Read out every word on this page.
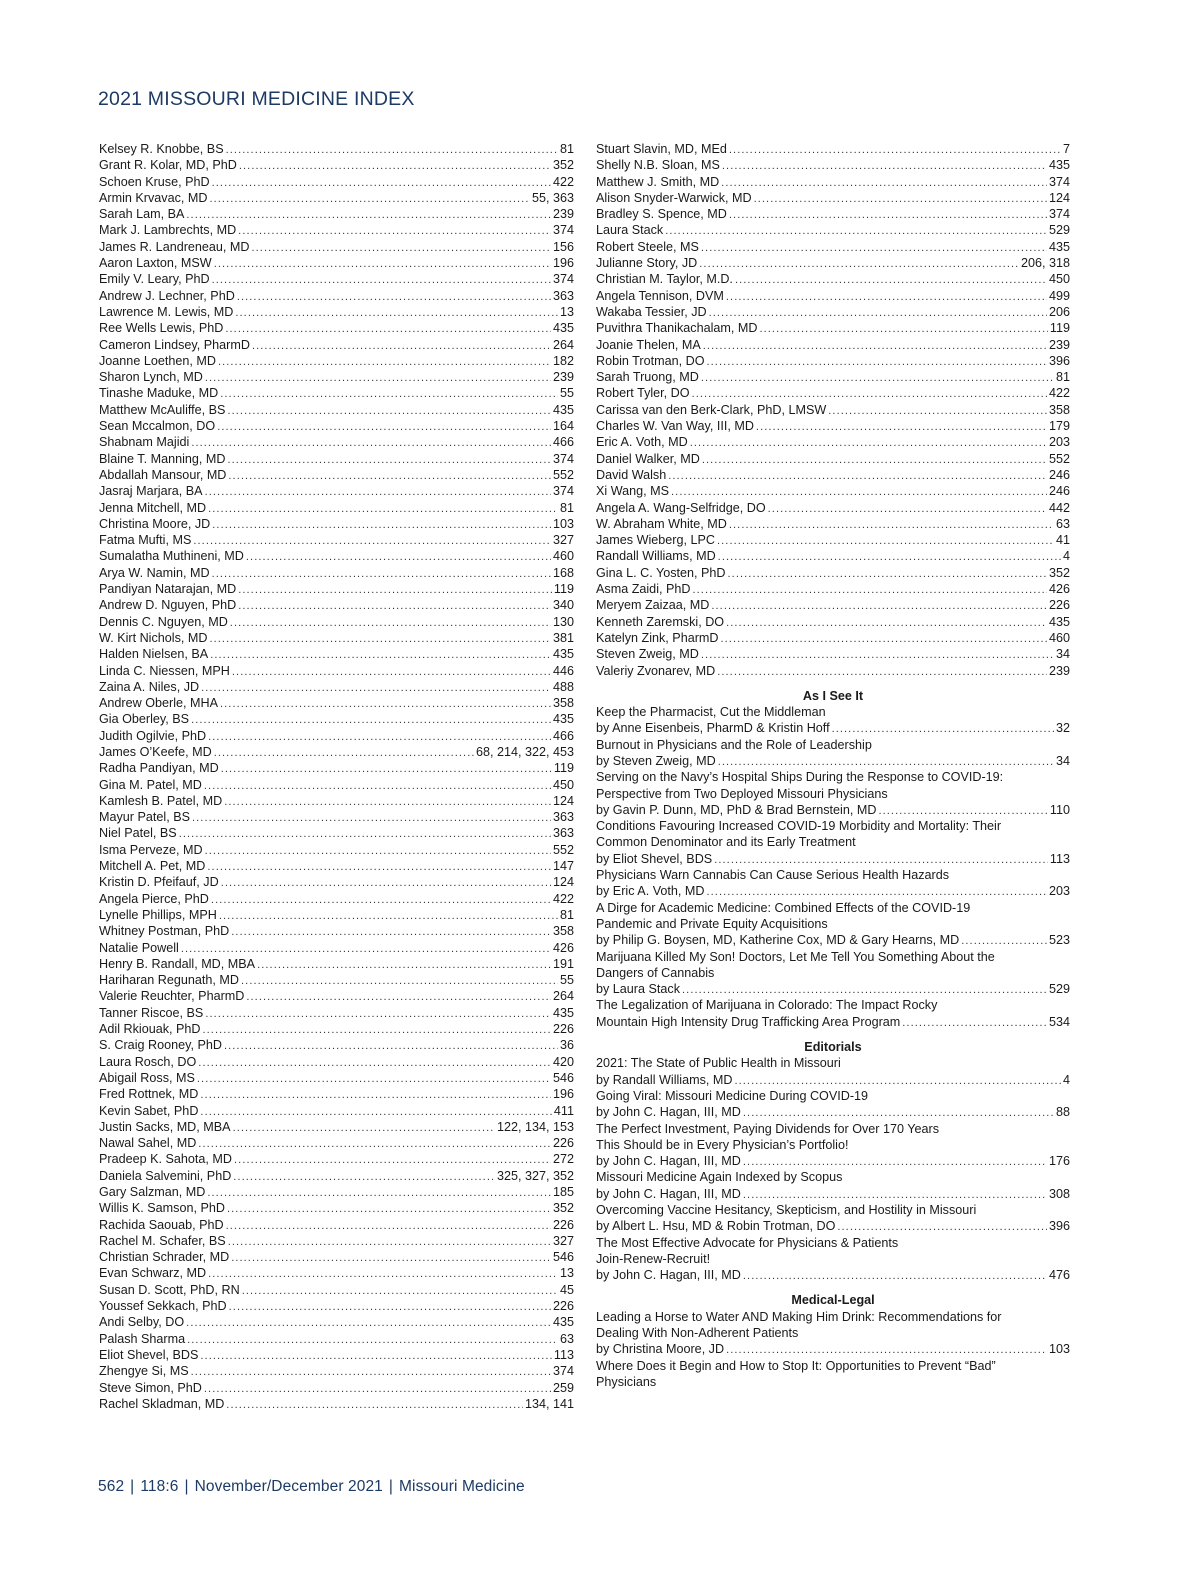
2021 MISSOURI MEDICINE INDEX
Kelsey R. Knobbe, BS .....	81
Grant R. Kolar, MD, PhD .....	352
Schoen Kruse, PhD .....	422
Armin Krvavac, MD .....	55, 363
Sarah Lam, BA .....	239
Mark J. Lambrechts, MD .....	374
James R. Landreneau, MD .....	156
Aaron Laxton, MSW .....	196
Emily V. Leary, PhD .....	374
Andrew J. Lechner, PhD .....	363
Lawrence M. Lewis, MD .....	13
Ree Wells Lewis, PhD .....	435
Cameron Lindsey, PharmD .....	264
Joanne Loethen, MD .....	182
Sharon Lynch, MD .....	239
Tinashe Maduke, MD .....	55
Matthew McAuliffe, BS .....	435
Sean Mccalmon, DO .....	164
Shabnam Majidi .....	466
Blaine T. Manning, MD .....	374
Abdallah Mansour, MD .....	552
Jasraj Marjara, BA .....	374
Jenna Mitchell, MD .....	81
Christina Moore, JD .....	103
Fatma Mufti, MS .....	327
Sumalatha Muthineni, MD .....	460
Arya W. Namin, MD .....	168
Pandiyan Natarajan, MD .....	119
Andrew D. Nguyen, PhD .....	340
Dennis C. Nguyen, MD .....	130
W. Kirt Nichols, MD .....	381
Halden Nielsen, BA .....	435
Linda C. Niessen, MPH .....	446
Zaina A. Niles, JD .....	488
Andrew Oberle, MHA .....	358
Gia Oberley, BS .....	435
Judith Ogilvie, PhD .....	466
James O’Keefe, MD .....	68, 214, 322, 453
Radha Pandiyan, MD .....	119
Gina M. Patel, MD .....	450
Kamlesh B. Patel, MD .....	124
Mayur Patel, BS .....	363
Niel Patel, BS .....	363
Isma Perveze, MD .....	552
Mitchell A. Pet, MD .....	147
Kristin D. Pfeifauf, JD .....	124
Angela Pierce, PhD .....	422
Lynelle Phillips, MPH .....	81
Whitney Postman, PhD .....	358
Natalie Powell .....	426
Henry B. Randall, MD, MBA .....	191
Hariharan Regunath, MD .....	55
Valerie Reuchter, PharmD .....	264
Tanner Riscoe, BS .....	435
Adil Rkiouak, PhD .....	226
S. Craig Rooney, PhD .....	36
Laura Rosch, DO .....	420
Abigail Ross, MS .....	546
Fred Rottnek, MD .....	196
Kevin Sabet, PhD .....	411
Justin Sacks, MD, MBA .....	122, 134, 153
Nawal Sahel, MD .....	226
Pradeep K. Sahota, MD .....	272
Daniela Salvemini, PhD .....	325, 327, 352
Gary Salzman, MD .....	185
Willis K. Samson, PhD .....	352
Rachida Saouab, PhD .....	226
Rachel M. Schafer, BS .....	327
Christian Schrader, MD .....	546
Evan Schwarz, MD .....	13
Susan D. Scott, PhD, RN .....	45
Youssef Sekkach, PhD .....	226
Andi Selby, DO .....	435
Palash Sharma .....	63
Eliot Shevel, BDS .....	113
Zhengye Si, MS .....	374
Steve Simon, PhD .....	259
Rachel Skladman, MD .....	134, 141
Stuart Slavin, MD, MEd .....	7
Shelly N.B. Sloan, MS .....	435
Matthew J. Smith, MD .....	374
Alison Snyder-Warwick, MD .....	124
Bradley S. Spence, MD .....	374
Laura Stack .....	529
Robert Steele, MS .....	435
Julianne Story, JD .....	206, 318
Christian M. Taylor, M.D. .....	450
Angela Tennison, DVM .....	499
Wakaba Tessier, JD .....	206
Puvithra Thanikachalam, MD .....	119
Joanie Thelen, MA .....	239
Robin Trotman, DO .....	396
Sarah Truong, MD .....	81
Robert Tyler, DO .....	422
Carissa van den Berk-Clark, PhD, LMSW .....	358
Charles W. Van Way, III, MD .....	179
Eric A. Voth, MD .....	203
Daniel Walker, MD .....	552
David Walsh .....	246
Xi Wang, MS .....	246
Angela A. Wang-Selfridge, DO .....	442
W. Abraham White, MD .....	63
James Wieberg, LPC .....	41
Randall Williams, MD .....	4
Gina L. C. Yosten, PhD .....	352
Asma Zaidi, PhD .....	426
Meryem Zaizaa, MD .....	226
Kenneth Zaremski, DO .....	435
Katelyn Zink, PharmD .....	460
Steven Zweig, MD .....	34
Valeriy Zvonarev, MD .....	239
As I See It
Keep the Pharmacist, Cut the Middleman
by Anne Eisenbeis, PharmD & Kristin Hoff .....	32
Burnout in Physicians and the Role of Leadership
by Steven Zweig, MD .....	34
Serving on the Navy’s Hospital Ships During the Response to COVID-19:
Perspective from Two Deployed Missouri Physicians
by Gavin P. Dunn, MD, PhD & Brad Bernstein, MD .....	110
Conditions Favouring Increased COVID-19 Morbidity and Mortality: Their
Common Denominator and its Early Treatment
by Eliot Shevel, BDS .....	113
Physicians Warn Cannabis Can Cause Serious Health Hazards
by Eric A. Voth, MD .....	203
A Dirge for Academic Medicine: Combined Effects of the COVID-19
Pandemic and Private Equity Acquisitions
by Philip G. Boysen, MD, Katherine Cox, MD & Gary Hearns, MD .....	523
Marijuana Killed My Son! Doctors, Let Me Tell You Something About the
Dangers of Cannabis
by Laura Stack .....	529
The Legalization of Marijuana in Colorado: The Impact Rocky
Mountain High Intensity Drug Trafficking Area Program .....	534
Editorials
2021: The State of Public Health in Missouri
by Randall Williams, MD .....	4
Going Viral: Missouri Medicine During COVID-19
by John C. Hagan, III, MD .....	88
The Perfect Investment, Paying Dividends for Over 170 Years
This Should be in Every Physician’s Portfolio!
by John C. Hagan, III, MD .....	176
Missouri Medicine Again Indexed by Scopus
by John C. Hagan, III, MD .....	308
Overcoming Vaccine Hesitancy, Skepticism, and Hostility in Missouri
by Albert L. Hsu, MD & Robin Trotman, DO .....	396
The Most Effective Advocate for Physicians & Patients
Join-Renew-Recruit!
by John C. Hagan, III, MD .....	476
Medical-Legal
Leading a Horse to Water AND Making Him Drink: Recommendations for
Dealing With Non-Adherent Patients
by Christina Moore, JD .....	103
Where Does it Begin and How to Stop It: Opportunities to Prevent “Bad”
Physicians
562 | 118:6 | November/December 2021 | Missouri Medicine
